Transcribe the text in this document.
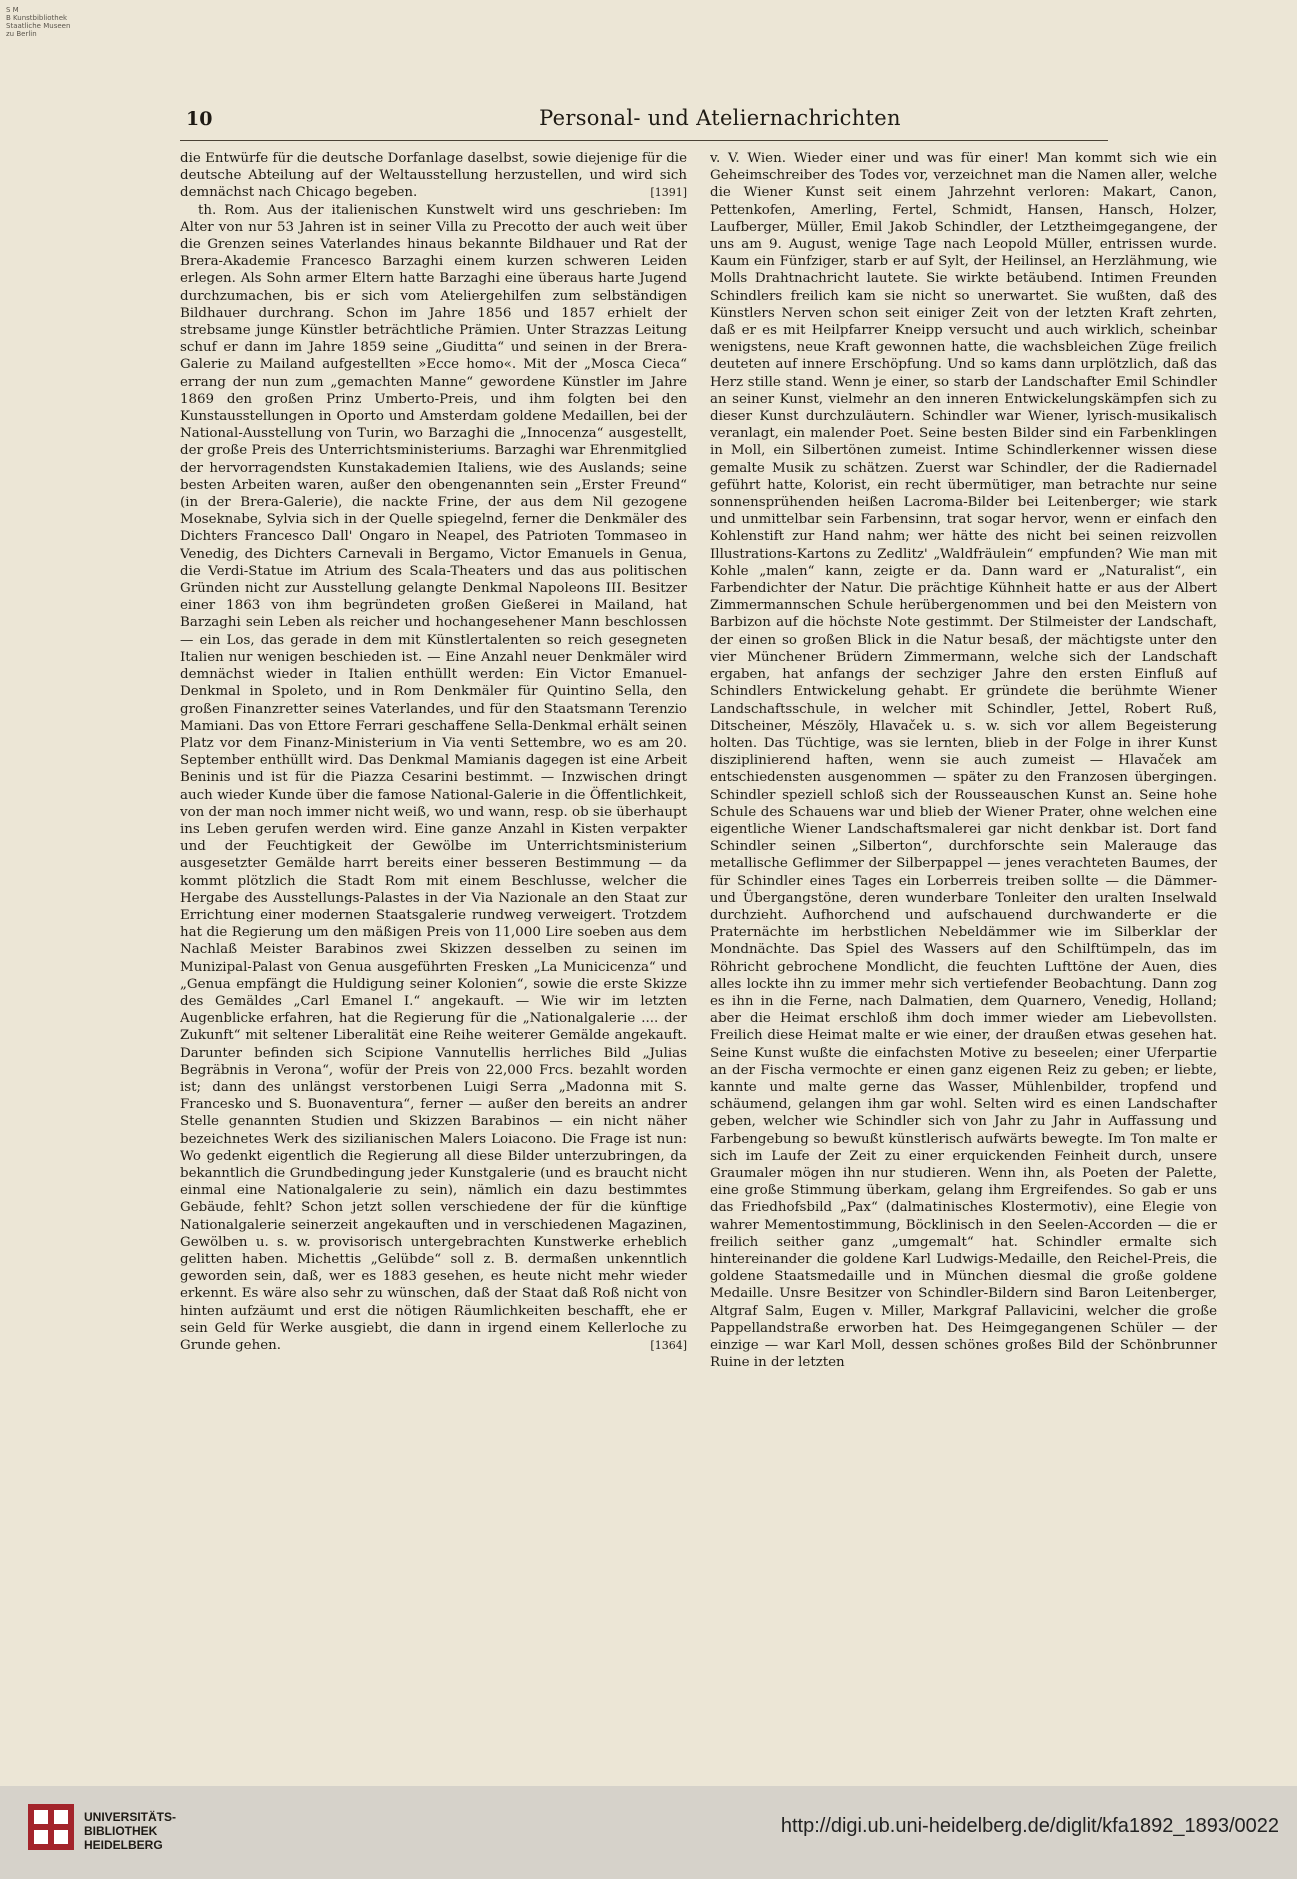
S M
B Kunstbibliothek
Staatliche Museen
zu Berlin
10	Personal- und Ateliernachrichten

die Entwürfe für die deutsche Dorfanlage daselbst, sowie diejenige für die deutsche Abteilung auf der Weltausstellung herzustellen, und wird sich demnächst nach Chicago begeben.	[1391]

th. Rom. Aus der italienischen Kunstwelt wird uns geschrieben: Im Alter von nur 53 Jahren ist in seiner Villa zu Precotto der auch weit über die Grenzen seines Vaterlandes hinaus bekannte Bildhauer und Rat der Brera-Akademie Francesco Barzaghi einem kurzen schweren Leiden erlegen. Als Sohn armer Eltern hatte Barzaghi eine überaus harte Jugend durchzumachen, bis er sich vom Ateliergehilfen zum selbständigen Bildhauer durchrang. Schon im Jahre 1856 und 1857 erhielt der strebsame junge Künstler beträchtliche Prämien. Unter Strazzas Leitung schuf er dann im Jahre 1859 seine „Giuditta“ und seinen in der Brera-Galerie zu Mailand aufgestellten »Ecce homo«. Mit der „Mosca Cieca“ errang der nun zum „gemachten Manne“ gewordene Künstler im Jahre 1869 den großen Prinz Umberto-Preis, und ihm folgten bei den Kunstausstellungen in Oporto und Amsterdam goldene Medaillen, bei der National-Ausstellung von Turin, wo Barzaghi die „Innocenza“ ausgestellt, der große Preis des Unterrichtsministeriums. Barzaghi war Ehrenmitglied der hervorragendsten Kunstakademien Italiens, wie des Auslands; seine besten Arbeiten waren, außer den obengenannten sein „Erster Freund“ (in der Brera-Galerie), die nackte Frine, der aus dem Nil gezogene Moseknabe, Sylvia sich in der Quelle spiegelnd, ferner die Denkmäler des Dichters Francesco Dall' Ongaro in Neapel, des Patrioten Tommaseo in Venedig, des Dichters Carnevali in Bergamo, Victor Emanuels in Genua, die Verdi-Statue im Atrium des Scala-Theaters und das aus politischen Gründen nicht zur Ausstellung gelangte Denkmal Napoleons III. Besitzer einer 1863 von ihm begründeten großen Gießerei in Mailand, hat Barzaghi sein Leben als reicher und hochangesehener Mann beschlossen — ein Los, das gerade in dem mit Künstlertalenten so reich gesegneten Italien nur wenigen beschieden ist. — Eine Anzahl neuer Denkmäler wird demnächst wieder in Italien enthüllt werden: Ein Victor Emanuel-Denkmal in Spoleto, und in Rom Denkmäler für Quintino Sella, den großen Finanzretter seines Vaterlandes, und für den Staatsmann Terenzio Mamiani. Das von Ettore Ferrari geschaffene Sella-Denkmal erhält seinen Platz vor dem Finanz-Ministerium in Via venti Settembre, wo es am 20. September enthüllt wird. Das Denkmal Mamianis dagegen ist eine Arbeit Beninis und ist für die Piazza Cesarini bestimmt. — Inzwischen dringt auch wieder Kunde über die famose National-Galerie in die Öffentlichkeit, von der man noch immer nicht weiß, wo und wann, resp. ob sie überhaupt ins Leben gerufen werden wird. Eine ganze Anzahl in Kisten verpakter und der Feuchtigkeit der Gewölbe im Unterrichtsministerium ausgesetzter Gemälde harrt bereits einer besseren Bestimmung — da kommt plötzlich die Stadt Rom mit einem Beschlusse, welcher die Hergabe des Ausstellungs-Palastes in der Via Nazionale an den Staat zur Errichtung einer modernen Staatsgalerie rundweg verweigert. Trotzdem hat die Regierung um den mäßigen Preis von 11,000 Lire soeben aus dem Nachlaß Meister Barabinos zwei Skizzen desselben zu seinen im Munizipal-Palast von Genua ausgeführten Fresken „La Municicenza“ und „Genua empfängt die Huldigung seiner Kolonien“, sowie die erste Skizze des Gemäldes „Carl Emanel I.“ angekauft. — Wie wir im letzten Augenblicke erfahren, hat die Regierung für die „Nationalgalerie .... der Zukunft“ mit seltener Liberalität eine Reihe weiterer Gemälde angekauft. Darunter befinden sich Scipione Vannutellis herrliches Bild „Julias Begräbnis in Verona“, wofür der Preis von 22,000 Frcs. bezahlt worden ist; dann des unlängst verstorbenen Luigi Serra „Madonna mit S. Francesko und S. Buonaventura“, ferner — außer den bereits an andrer Stelle genannten Studien und Skizzen Barabinos — ein nicht näher bezeichnetes Werk des sizilianischen Malers Loiacono. Die Frage ist nun: Wo gedenkt eigentlich die Regierung all diese Bilder unterzubringen, da bekanntlich die Grundbedingung jeder Kunstgalerie (und es braucht nicht einmal eine Nationalgalerie zu sein), nämlich ein dazu bestimmtes Gebäude, fehlt? Schon jetzt sollen verschiedene der für die künftige Nationalgalerie seinerzeit angekauften und in verschiedenen Magazinen, Gewölben u. s. w. provisorisch untergebrachten Kunstwerke erheblich gelitten haben. Michettis „Gelübde“ soll z. B. dermaßen unkenntlich geworden sein, daß, wer es 1883 gesehen, es heute nicht mehr wieder erkennt. Es wäre also sehr zu wünschen, daß der Staat daß Roß nicht von hinten aufzäumt und erst die nötigen Räumlichkeiten beschafft, ehe er sein Geld für Werke ausgiebt, die dann in irgend einem Kellerloche zu Grunde gehen.	[1364]

v. V. Wien. Wieder einer und was für einer! Man kommt sich wie ein Geheimschreiber des Todes vor, verzeichnet man die Namen aller, welche die Wiener Kunst seit einem Jahrzehnt verloren: Makart, Canon, Pettenkofen, Amerling, Fertel, Schmidt, Hansen, Hansch, Holzer, Laufberger, Müller, Emil Jakob Schindler, der Letztheimgegangene, der uns am 9. August, wenige Tage nach Leopold Müller, entrissen wurde. Kaum ein Fünfziger, starb er auf Sylt, der Heilinsel, an Herzlähmung, wie Molls Drahtnachricht lautete. Sie wirkte betäubend. Intimen Freunden Schindlers freilich kam sie nicht so unerwartet. Sie wußten, daß des Künstlers Nerven schon seit einiger Zeit von der letzten Kraft zehrten, daß er es mit Heilpfarrer Kneipp versucht und auch wirklich, scheinbar wenigstens, neue Kraft gewonnen hatte, die wachsbleichen Züge freilich deuteten auf innere Erschöpfung. Und so kams dann urplötzlich, daß das Herz stille stand. Wenn je einer, so starb der Landschafter Emil Schindler an seiner Kunst, vielmehr an den inneren Entwickelungskämpfen sich zu dieser Kunst durchzuläutern. Schindler war Wiener, lyrisch-musikalisch veranlagt, ein malender Poet. Seine besten Bilder sind ein Farbenklingen in Moll, ein Silbertönen zumeist. Intime Schindlerkenner wissen diese gemalte Musik zu schätzen. Zuerst war Schindler, der die Radiernadel geführt hatte, Kolorist, ein recht übermütiger, man betrachte nur seine sonnensprühenden heißen Lacroma-Bilder bei Leitenberger; wie stark und unmittelbar sein Farbensinn, trat sogar hervor, wenn er einfach den Kohlenstift zur Hand nahm; wer hätte des nicht bei seinen reizvollen Illustrations-Kartons zu Zedlitz' „Waldfräulein“ empfunden? Wie man mit Kohle „malen“ kann, zeigte er da. Dann ward er „Naturalist“, ein Farbendichter der Natur. Die prächtige Kühnheit hatte er aus der Albert Zimmermannschen Schule herübergenommen und bei den Meistern von Barbizon auf die höchste Note gestimmt. Der Stilmeister der Landschaft, der einen so großen Blick in die Natur besaß, der mächtigste unter den vier Münchener Brüdern Zimmermann, welche sich der Landschaft ergaben, hat anfangs der sechziger Jahre den ersten Einfluß auf Schindlers Entwickelung gehabt. Er gründete die berühmte Wiener Landschaftsschule, in welcher mit Schindler, Jettel, Robert Ruß, Ditscheiner, Mészöly, Hlavaček u. s. w. sich vor allem Begeisterung holten. Das Tüchtige, was sie lernten, blieb in der Folge in ihrer Kunst disziplinierend haften, wenn sie auch zumeist — Hlavaček am entschiedensten ausgenommen — später zu den Franzosen übergingen. Schindler speziell schloß sich der Rousseauschen Kunst an. Seine hohe Schule des Schauens war und blieb der Wiener Prater, ohne welchen eine eigentliche Wiener Landschaftsmalerei gar nicht denkbar ist. Dort fand Schindler seinen „Silberton“, durchforschte sein Malerauge das metallische Geflimmer der Silberpappel — jenes verachteten Baumes, der für Schindler eines Tages ein Lorberreis treiben sollte — die Dämmer- und Übergangstöne, deren wunderbare Tonleiter den uralten Inselwald durchzieht. Aufhorchend und aufschauend durchwanderte er die Praternächte im herbstlichen Nebeldämmer wie im Silberklar der Mondnächte. Das Spiel des Wassers auf den Schilftümpeln, das im Röhricht gebrochene Mondlicht, die feuchten Lufttöne der Auen, dies alles lockte ihn zu immer mehr sich vertiefender Beobachtung. Dann zog es ihn in die Ferne, nach Dalmatien, dem Quarnero, Venedig, Holland; aber die Heimat erschloß ihm doch immer wieder am Liebevollsten. Freilich diese Heimat malte er wie einer, der draußen etwas gesehen hat. Seine Kunst wußte die einfachsten Motive zu beseelen; einer Uferpartie an der Fischa vermochte er einen ganz eigenen Reiz zu geben; er liebte, kannte und malte gerne das Wasser, Mühlenbilder, tropfend und schäumend, gelangen ihm gar wohl. Selten wird es einen Landschafter geben, welcher wie Schindler sich von Jahr zu Jahr in Auffassung und Farbengebung so bewußt künstlerisch aufwärts bewegte. Im Ton malte er sich im Laufe der Zeit zu einer erquickenden Feinheit durch, unsere Graumaler mögen ihn nur studieren. Wenn ihn, als Poeten der Palette, eine große Stimmung überkam, gelang ihm Ergreifendes. So gab er uns das Friedhofsbild „Pax“ (dalmatinisches Klostermotiv), eine Elegie von wahrer Mementostimmung, Böcklinisch in den Seelen-Accorden — die er freilich seither ganz „umgemalt“ hat. Schindler ermalte sich hintereinander die goldene Karl Ludwigs-Medaille, den Reichel-Preis, die goldene Staatsmedaille und in München diesmal die große goldene Medaille. Unsre Besitzer von Schindler-Bildern sind Baron Leitenberger, Altgraf Salm, Eugen v. Miller, Markgraf Pallavicini, welcher die große Pappellandstraße erworben hat. Des Heimgegangenen Schüler — der einzige — war Karl Moll, dessen schönes großes Bild der Schönbrunner Ruine in der letzten

UNIVERSITÄTS-
BIBLIOTHEK
HEIDELBERG
http://digi.ub.uni-heidelberg.de/diglit/kfa1892_1893/0022
